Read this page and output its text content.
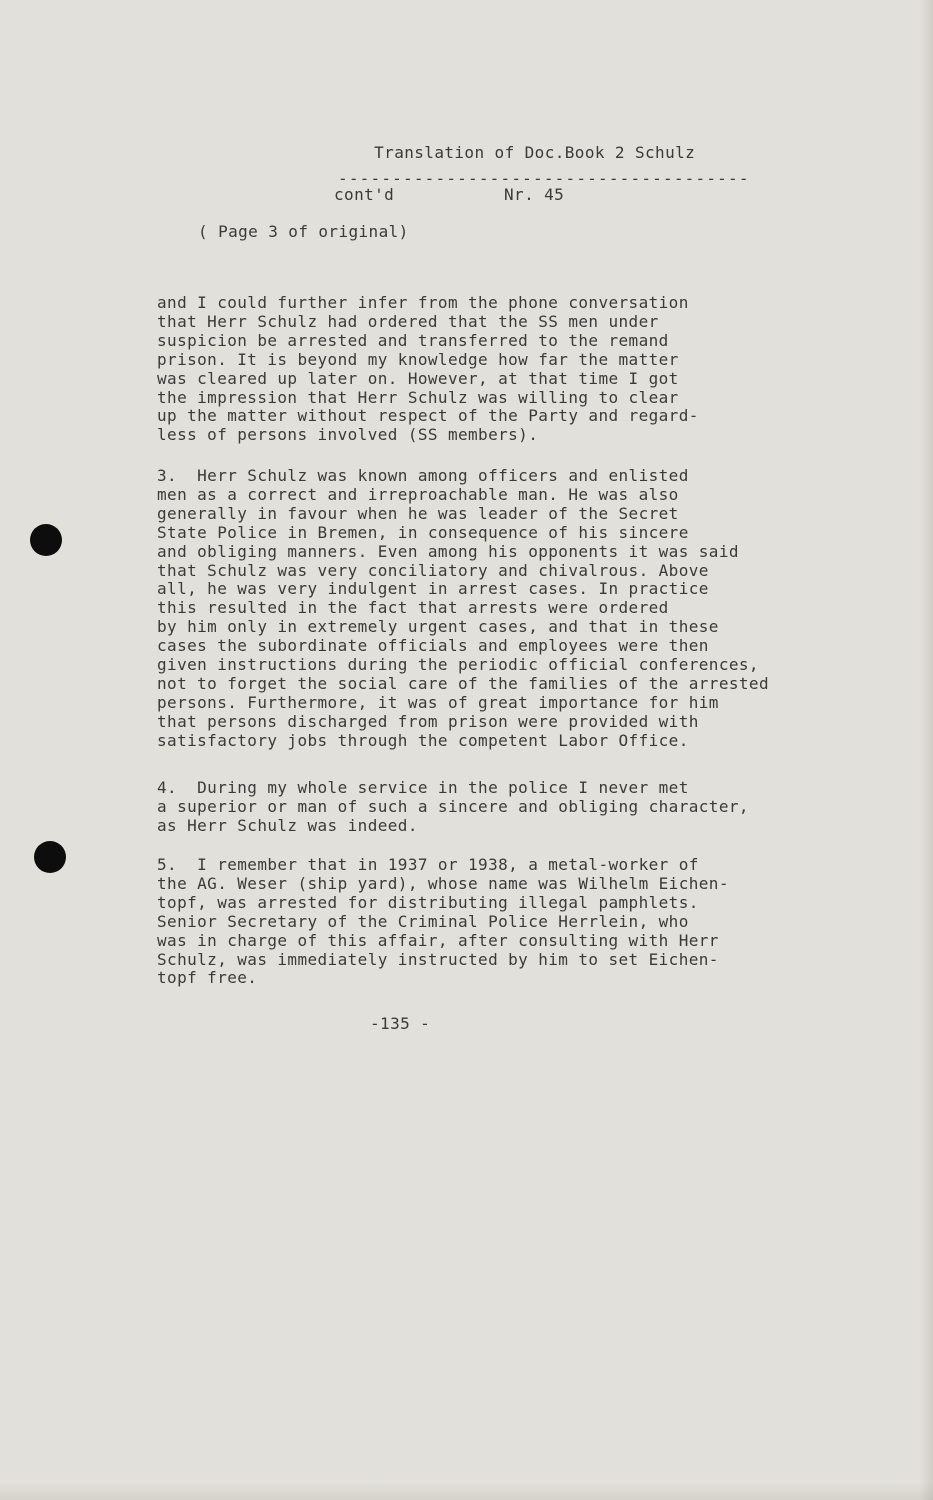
Translation of Doc.Book 2 Schulz

cont'd	Nr. 45

--------------------------------------
( Page 3 of original)

and I could further infer from the phone conversation
that Herr Schulz had ordered that the SS men under
suspicion be arrested and transferred to the remand
prison. It is beyond my knowledge how far the matter
was cleared up later on. However, at that time I got
the impression that Herr Schulz was willing to clear
up the matter without respect of the Party and regard-
less of persons involved (SS members).

3.  Herr Schulz was known among officers and enlisted
men as a correct and irreproachable man. He was also
generally in favour when he was leader of the Secret
State Police in Bremen, in consequence of his sincere
and obliging manners. Even among his opponents it was said
that Schulz was very conciliatory and chivalrous. Above
all, he was very indulgent in arrest cases. In practice
this resulted in the fact that arrests were ordered
by him only in extremely urgent cases, and that in these
cases the subordinate officials and employees were then
given instructions during the periodic official conferences,
not to forget the social care of the families of the arrested
persons. Furthermore, it was of great importance for him
that persons discharged from prison were provided with
satisfactory jobs through the competent Labor Office.

4.  During my whole service in the police I never met
a superior or man of such a sincere and obliging character,
as Herr Schulz was indeed.

5.  I remember that in 1937 or 1938, a metal-worker of
the AG. Weser (ship yard), whose name was Wilhelm Eichen-
topf, was arrested for distributing illegal pamphlets.
Senior Secretary of the Criminal Police Herrlein, who
was in charge of this affair, after consulting with Herr
Schulz, was immediately instructed by him to set Eichen-
topf free.

-135 -
